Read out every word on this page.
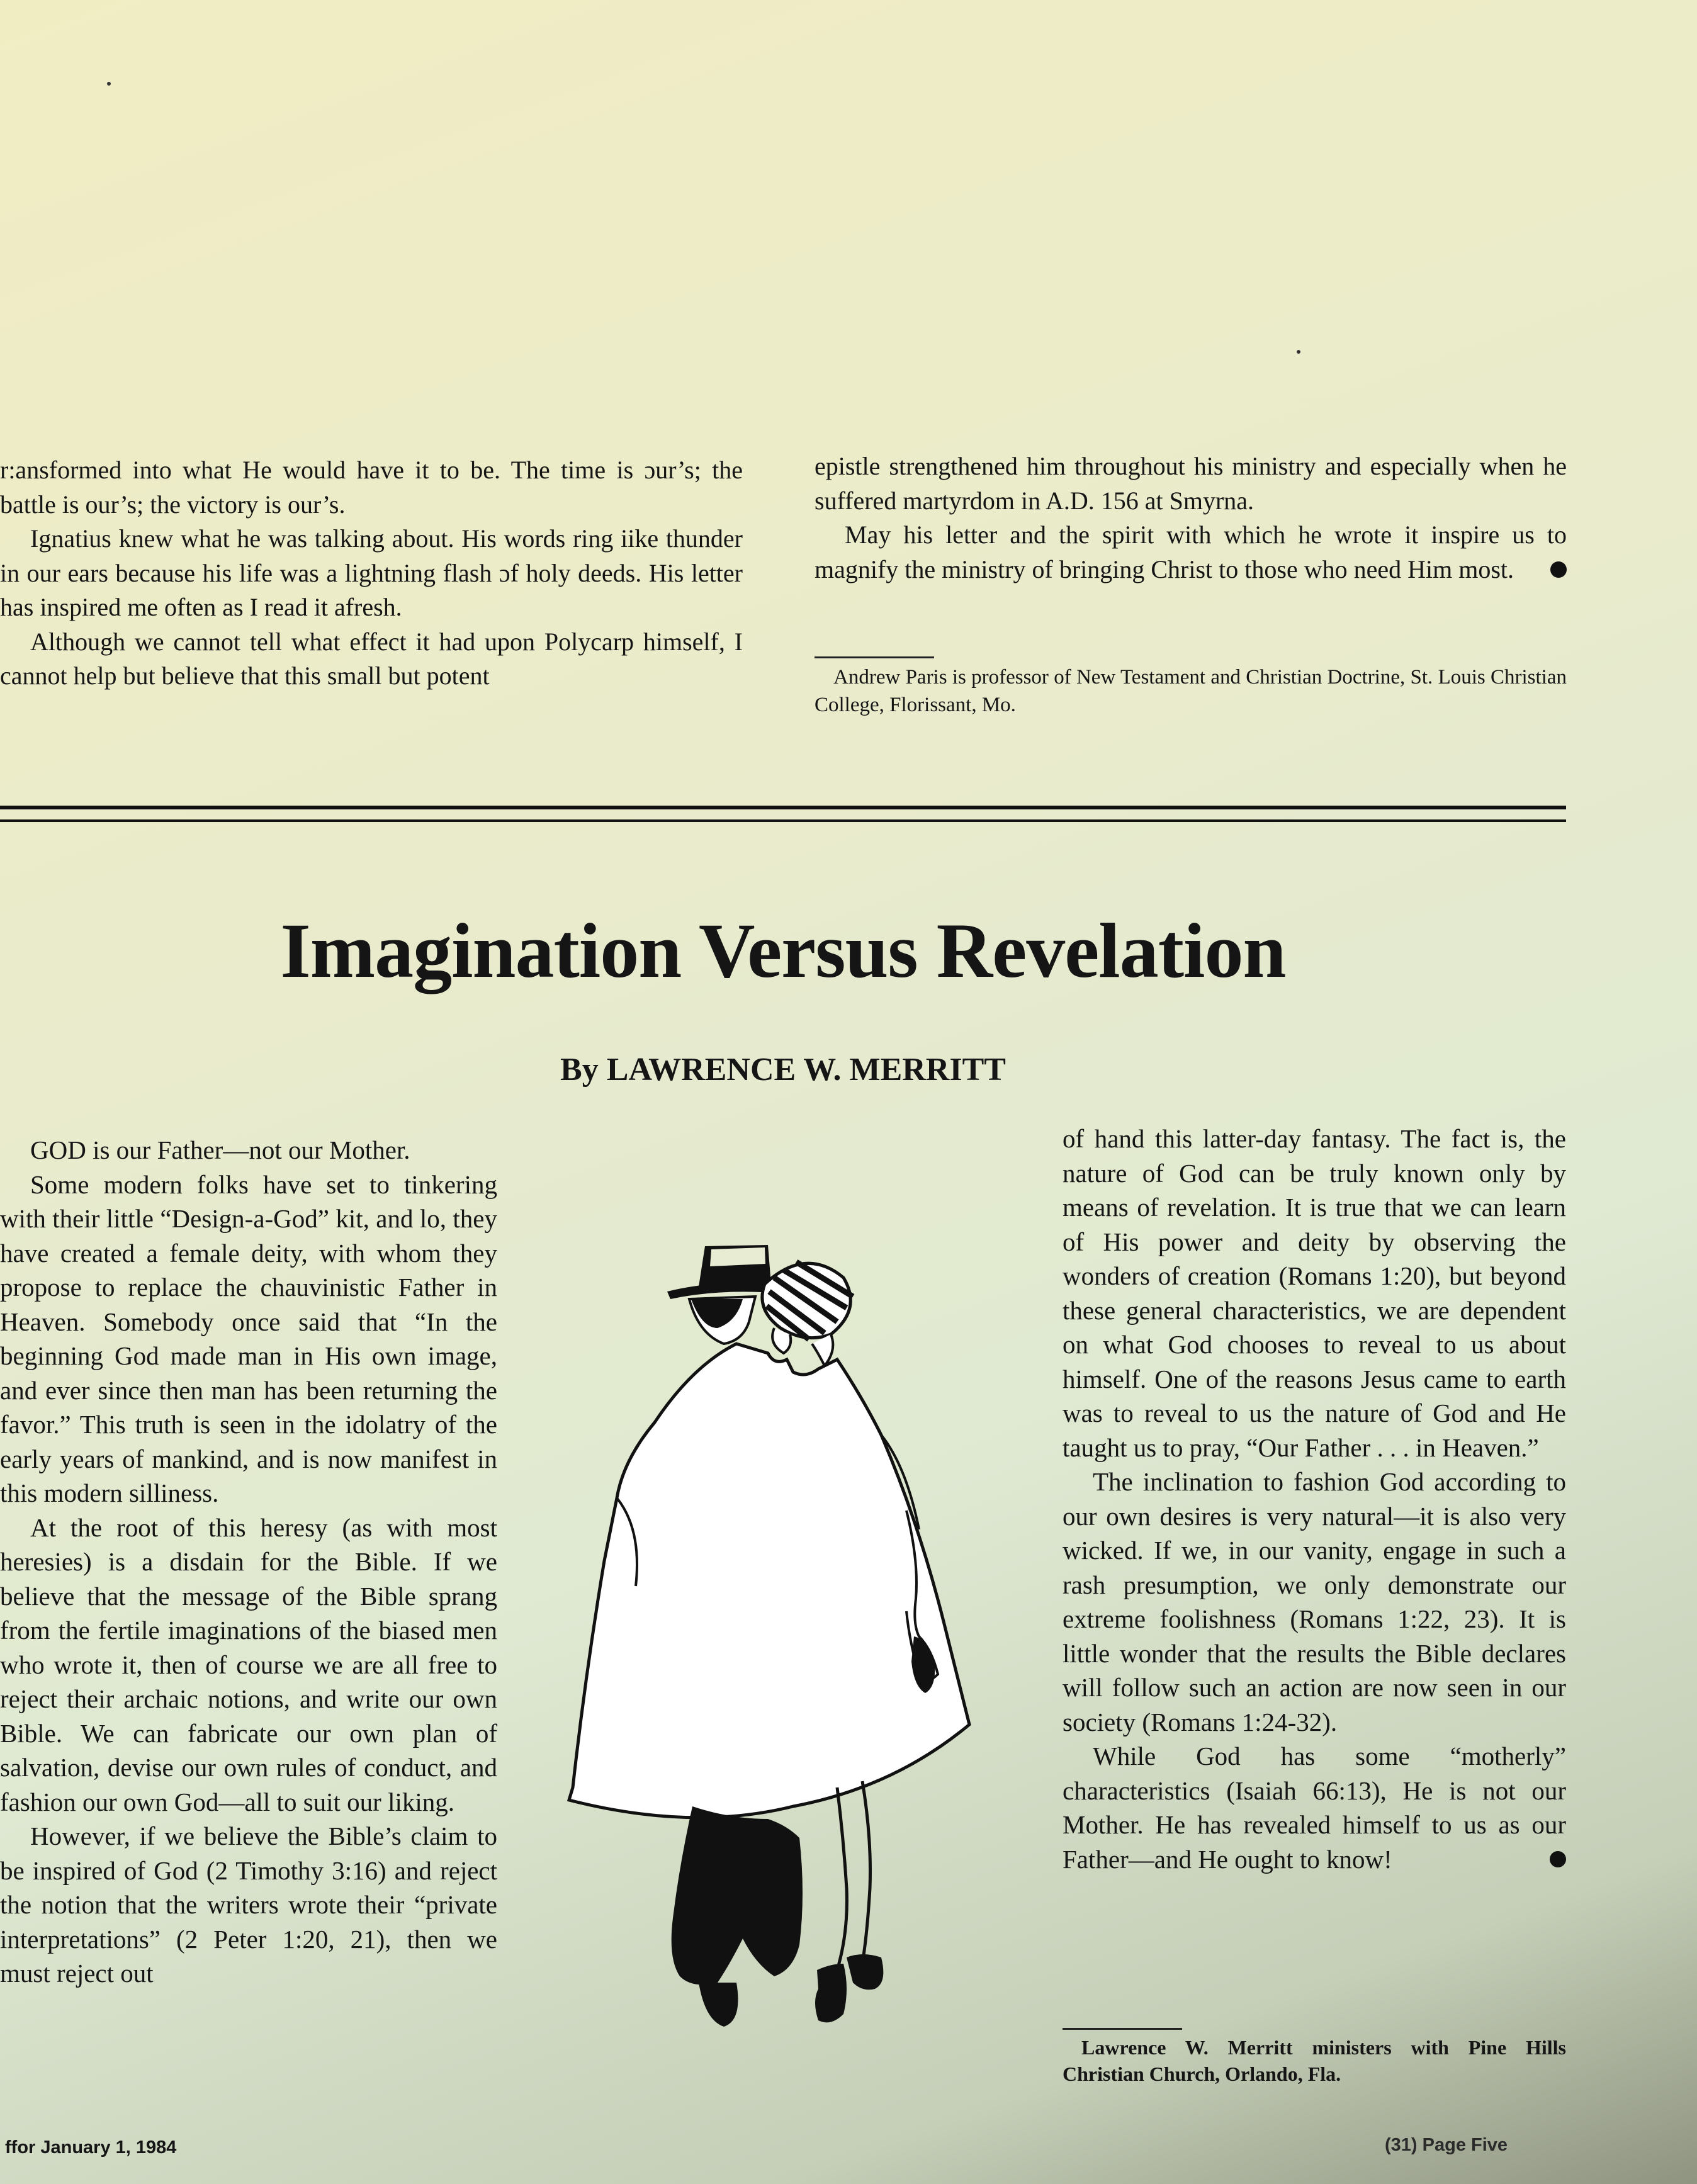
r:ansformed into what He would have it to be. The time is ɔur’s; the battle is our’s; the victory is our’s.

Ignatius knew what he was talking about. His words ring iike thunder in our ears because his life was a lightning flash ɔf holy deeds. His letter has inspired me often as I read it afresh.

Although we cannot tell what effect it had upon Polycarp himself, I cannot help but believe that this small but potent

epistle strengthened him throughout his ministry and especially when he suffered martyrdom in A.D. 156 at Smyrna.

May his letter and the spirit with which he wrote it inspire us to magnify the ministry of bringing Christ to those who need Him most.

Andrew Paris is professor of New Testament and Christian Doctrine, St. Louis Christian College, Florissant, Mo.
Imagination Versus Revelation
By LAWRENCE W. MERRITT

GOD is our Father—not our Mother.

Some modern folks have set to tinkering with their little “Design-a-God” kit, and lo, they have created a female deity, with whom they propose to replace the chauvinistic Father in Heaven. Somebody once said that “In the beginning God made man in His own image, and ever since then man has been returning the favor.” This truth is seen in the idolatry of the early years of mankind, and is now manifest in this modern silliness.

At the root of this heresy (as with most heresies) is a disdain for the Bible. If we believe that the message of the Bible sprang from the fertile imaginations of the biased men who wrote it, then of course we are all free to reject their archaic notions, and write our own Bible. We can fabricate our own plan of salvation, devise our own rules of conduct, and fashion our own God—all to suit our liking.

However, if we believe the Bible’s claim to be inspired of God (2 Timothy 3:16) and reject the notion that the writers wrote their “private interpretations” (2 Peter 1:20, 21), then we must reject out

of hand this latter-day fantasy. The fact is, the nature of God can be truly known only by means of revelation. It is true that we can learn of His power and deity by observing the wonders of creation (Romans 1:20), but beyond these general characteristics, we are dependent on what God chooses to reveal to us about himself. One of the reasons Jesus came to earth was to reveal to us the nature of God and He taught us to pray, “Our Father . . . in Heaven.”

The inclination to fashion God according to our own desires is very natural—it is also very wicked. If we, in our vanity, engage in such a rash presumption, we only demonstrate our extreme foolishness (Romans 1:22, 23). It is little wonder that the results the Bible declares will follow such an action are now seen in our society (Romans 1:24-32).

While God has some “motherly” characteristics (Isaiah 66:13), He is not our Mother. He has revealed himself to us as our Father—and He ought to know!

Lawrence W. Merritt ministers with Pine Hills Christian Church, Orlando, Fla.
ffor January 1, 1984	(31) Page Five
